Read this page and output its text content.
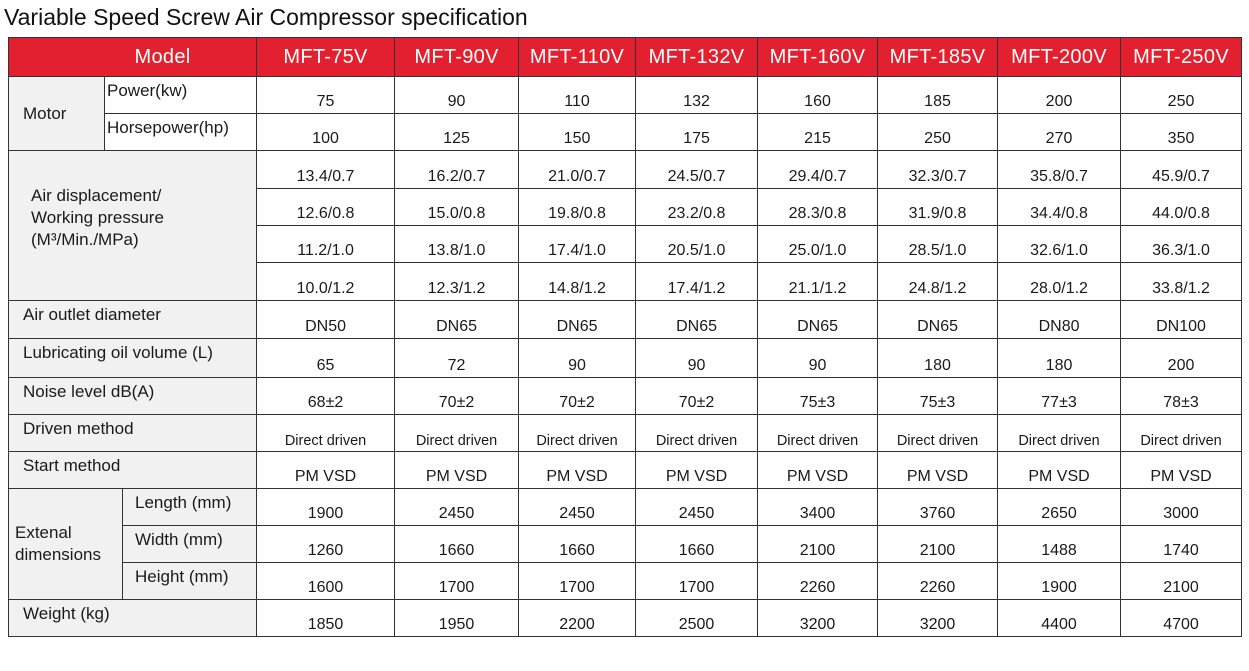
Variable Speed Screw Air Compressor specification
Model			MFT-75V	MFT-90V	MFT-110V	MFT-132V	MFT-160V	MFT-185V	MFT-200V	MFT-250V
Motor	Power(kw)		75	90	110	132	160	185	200	250
	Horsepower(hp)		100	125	150	175	215	250	270	350

Air displacement/
Working pressure
(M³/Min./MPa)			13.4/0.7	16.2/0.7	21.0/0.7	24.5/0.7	29.4/0.7	32.3/0.7	35.8/0.7	45.9/0.7
			12.6/0.8	15.0/0.8	19.8/0.8	23.2/0.8	28.3/0.8	31.9/0.8	34.4/0.8	44.0/0.8
			11.2/1.0	13.8/1.0	17.4/1.0	20.5/1.0	25.0/1.0	28.5/1.0	32.6/1.0	36.3/1.0
			10.0/1.2	12.3/1.2	14.8/1.2	17.4/1.2	21.1/1.2	24.8/1.2	28.0/1.2	33.8/1.2
Air outlet diameter			DN50	DN65	DN65	DN65	DN65	DN65	DN80	DN100
Lubricating oil volume (L)			65	72	90	90	90	180	180	200
Noise level dB(A)			68±2	70±2	70±2	70±2	75±3	75±3	77±3	78±3
Driven method			Direct driven	Direct driven	Direct driven	Direct driven	Direct driven	Direct driven	Direct driven	Direct driven
Start method			PM VSD	PM VSD	PM VSD	PM VSD	PM VSD	PM VSD	PM VSD	PM VSD

Extenal
dimensions		Length (mm)	1900	2450	2450	2450	3400	3760	2650	3000
		Width (mm)	1260	1660	1660	1660	2100	2100	1488	1740
		Height (mm)	1600	1700	1700	1700	2260	2260	1900	2100
Weight (kg)			1850	1950	2200	2500	3200	3200	4400	4700
